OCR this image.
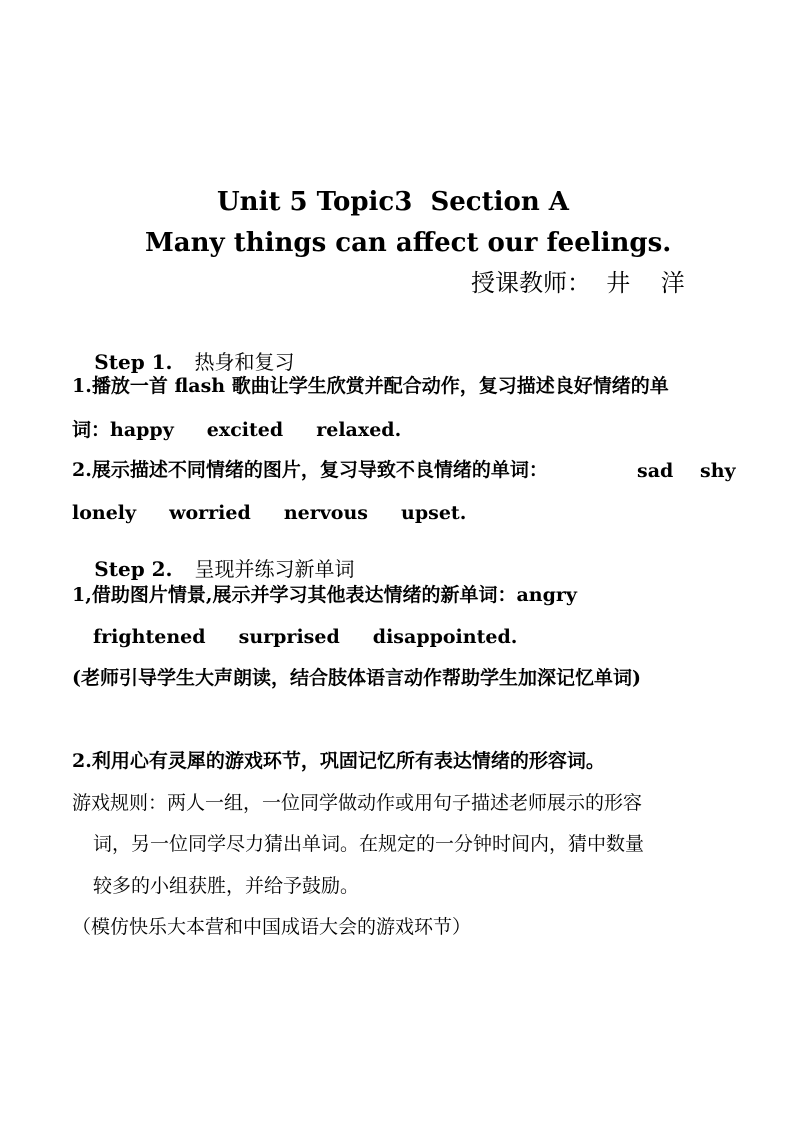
Unit 5 Topic3  Section A
Many things can affect our feelings.
授课教师：  井    洋

Step 1. 热身和复习

1.播放一首 flash 歌曲让学生欣赏并配合动作，复习描述良好情绪的单
词：happy     excited     relaxed.
2.展示描述不同情绪的图片，复习导致不良情绪的单词：	sad shy
lonely     worried     nervous     upset.

Step 2. 呈现并练习新单词

1,借助图片情景,展示并学习其他表达情绪的新单词：angry
frightened     surprised     disappointed.
(老师引导学生大声朗读，结合肢体语言动作帮助学生加深记忆单词)
2.利用心有灵犀的游戏环节，巩固记忆所有表达情绪的形容词。
游戏规则：两人一组，一位同学做动作或用句子描述老师展示的形容
词，另一位同学尽力猜出单词。在规定的一分钟时间内，猜中数量
较多的小组获胜，并给予鼓励。
（模仿快乐大本营和中国成语大会的游戏环节）
